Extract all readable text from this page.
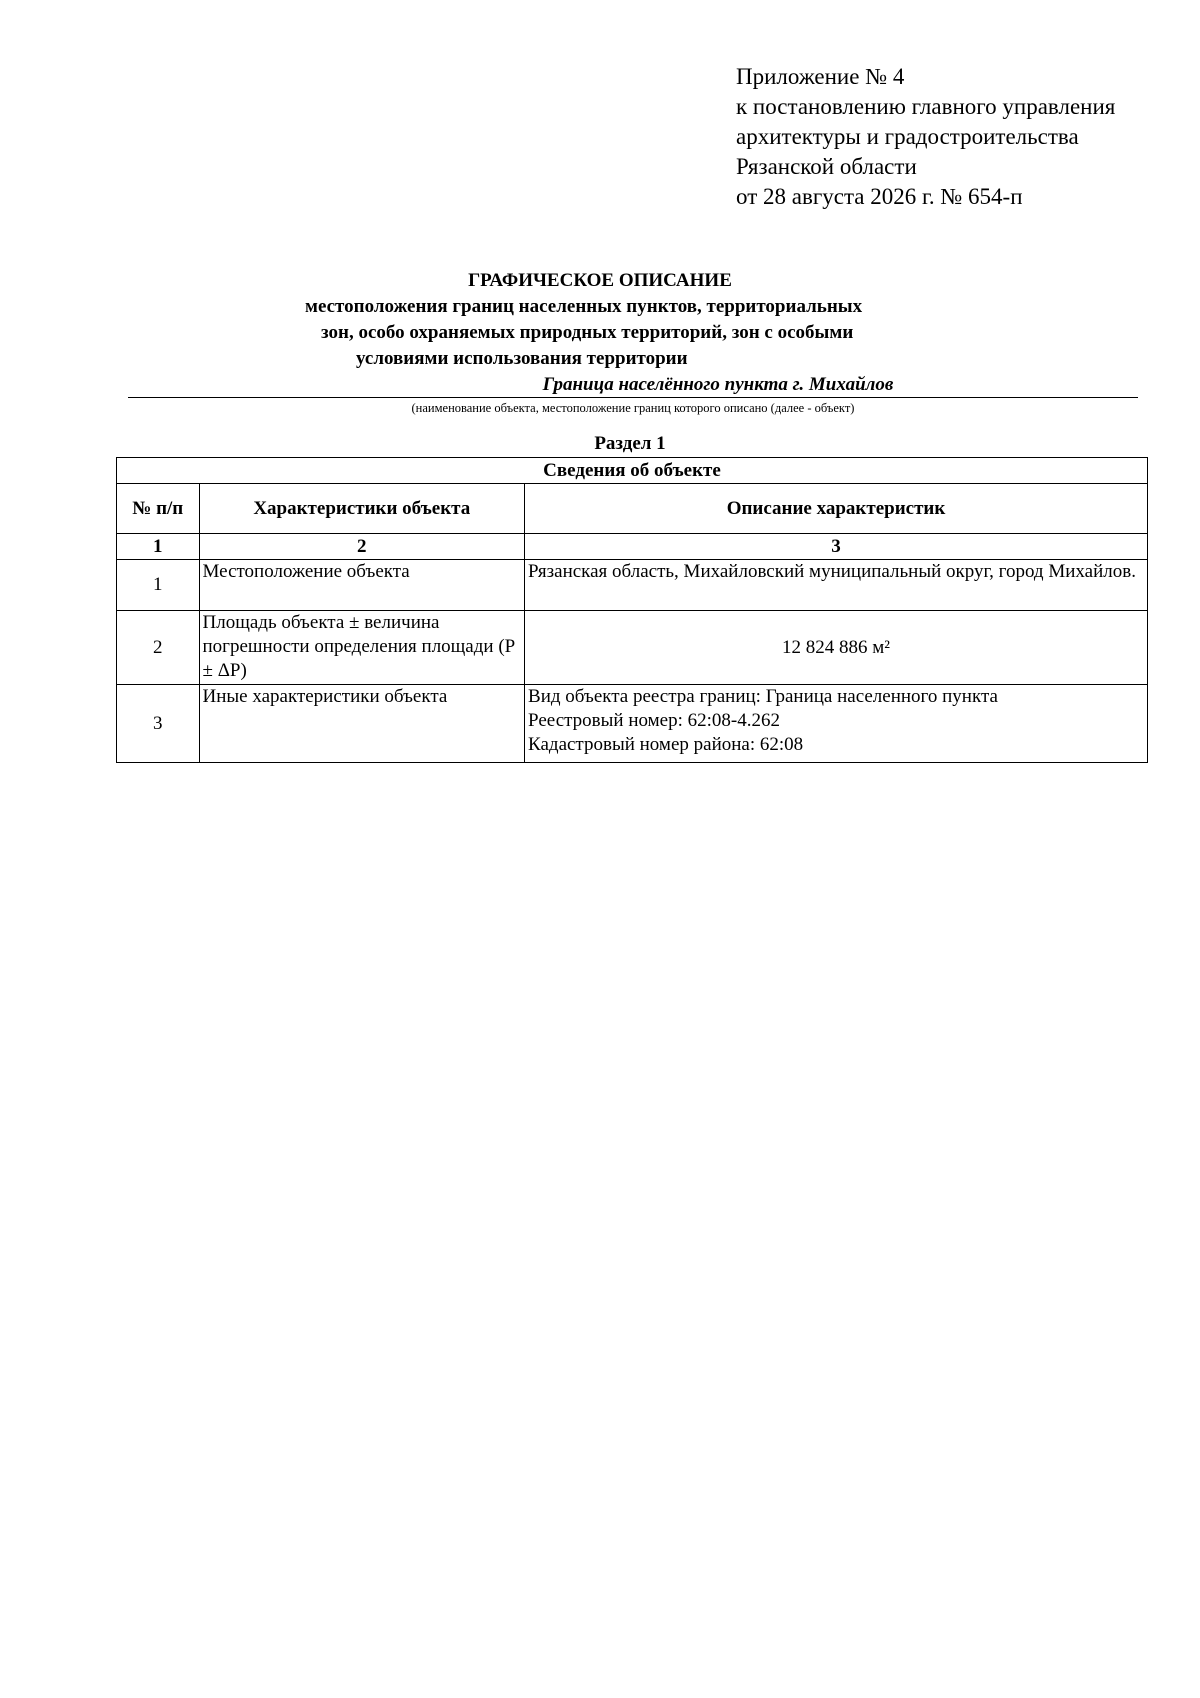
Приложение № 4
к постановлению главного управления
архитектуры и градостроительства
Рязанской области
от 28 августа 2026 г. № 654-п
ГРАФИЧЕСКОЕ ОПИСАНИЕ
местоположения границ населенных пунктов, территориальных
зон, особо охраняемых природных территорий, зон с особыми
условиями использования территории
Граница населённого пункта г. Михайлов
(наименование объекта, местоположение границ которого описано (далее - объект)
Раздел 1
Сведения об объекте		
№ п/п	Характеристики объекта	Описание характеристик
1	2	3
1	Местоположение объекта	Рязанская область, Михайловский муниципальный округ, город Михайлов.
2	Площадь объекта ± величина погрешности определения площади (P ± ΔP)	12 824 886 м²
3	Иные характеристики объекта	Вид объекта реестра границ: Граница населенного пункта
Реестровый номер: 62:08-4.262
Кадастровый номер района: 62:08
